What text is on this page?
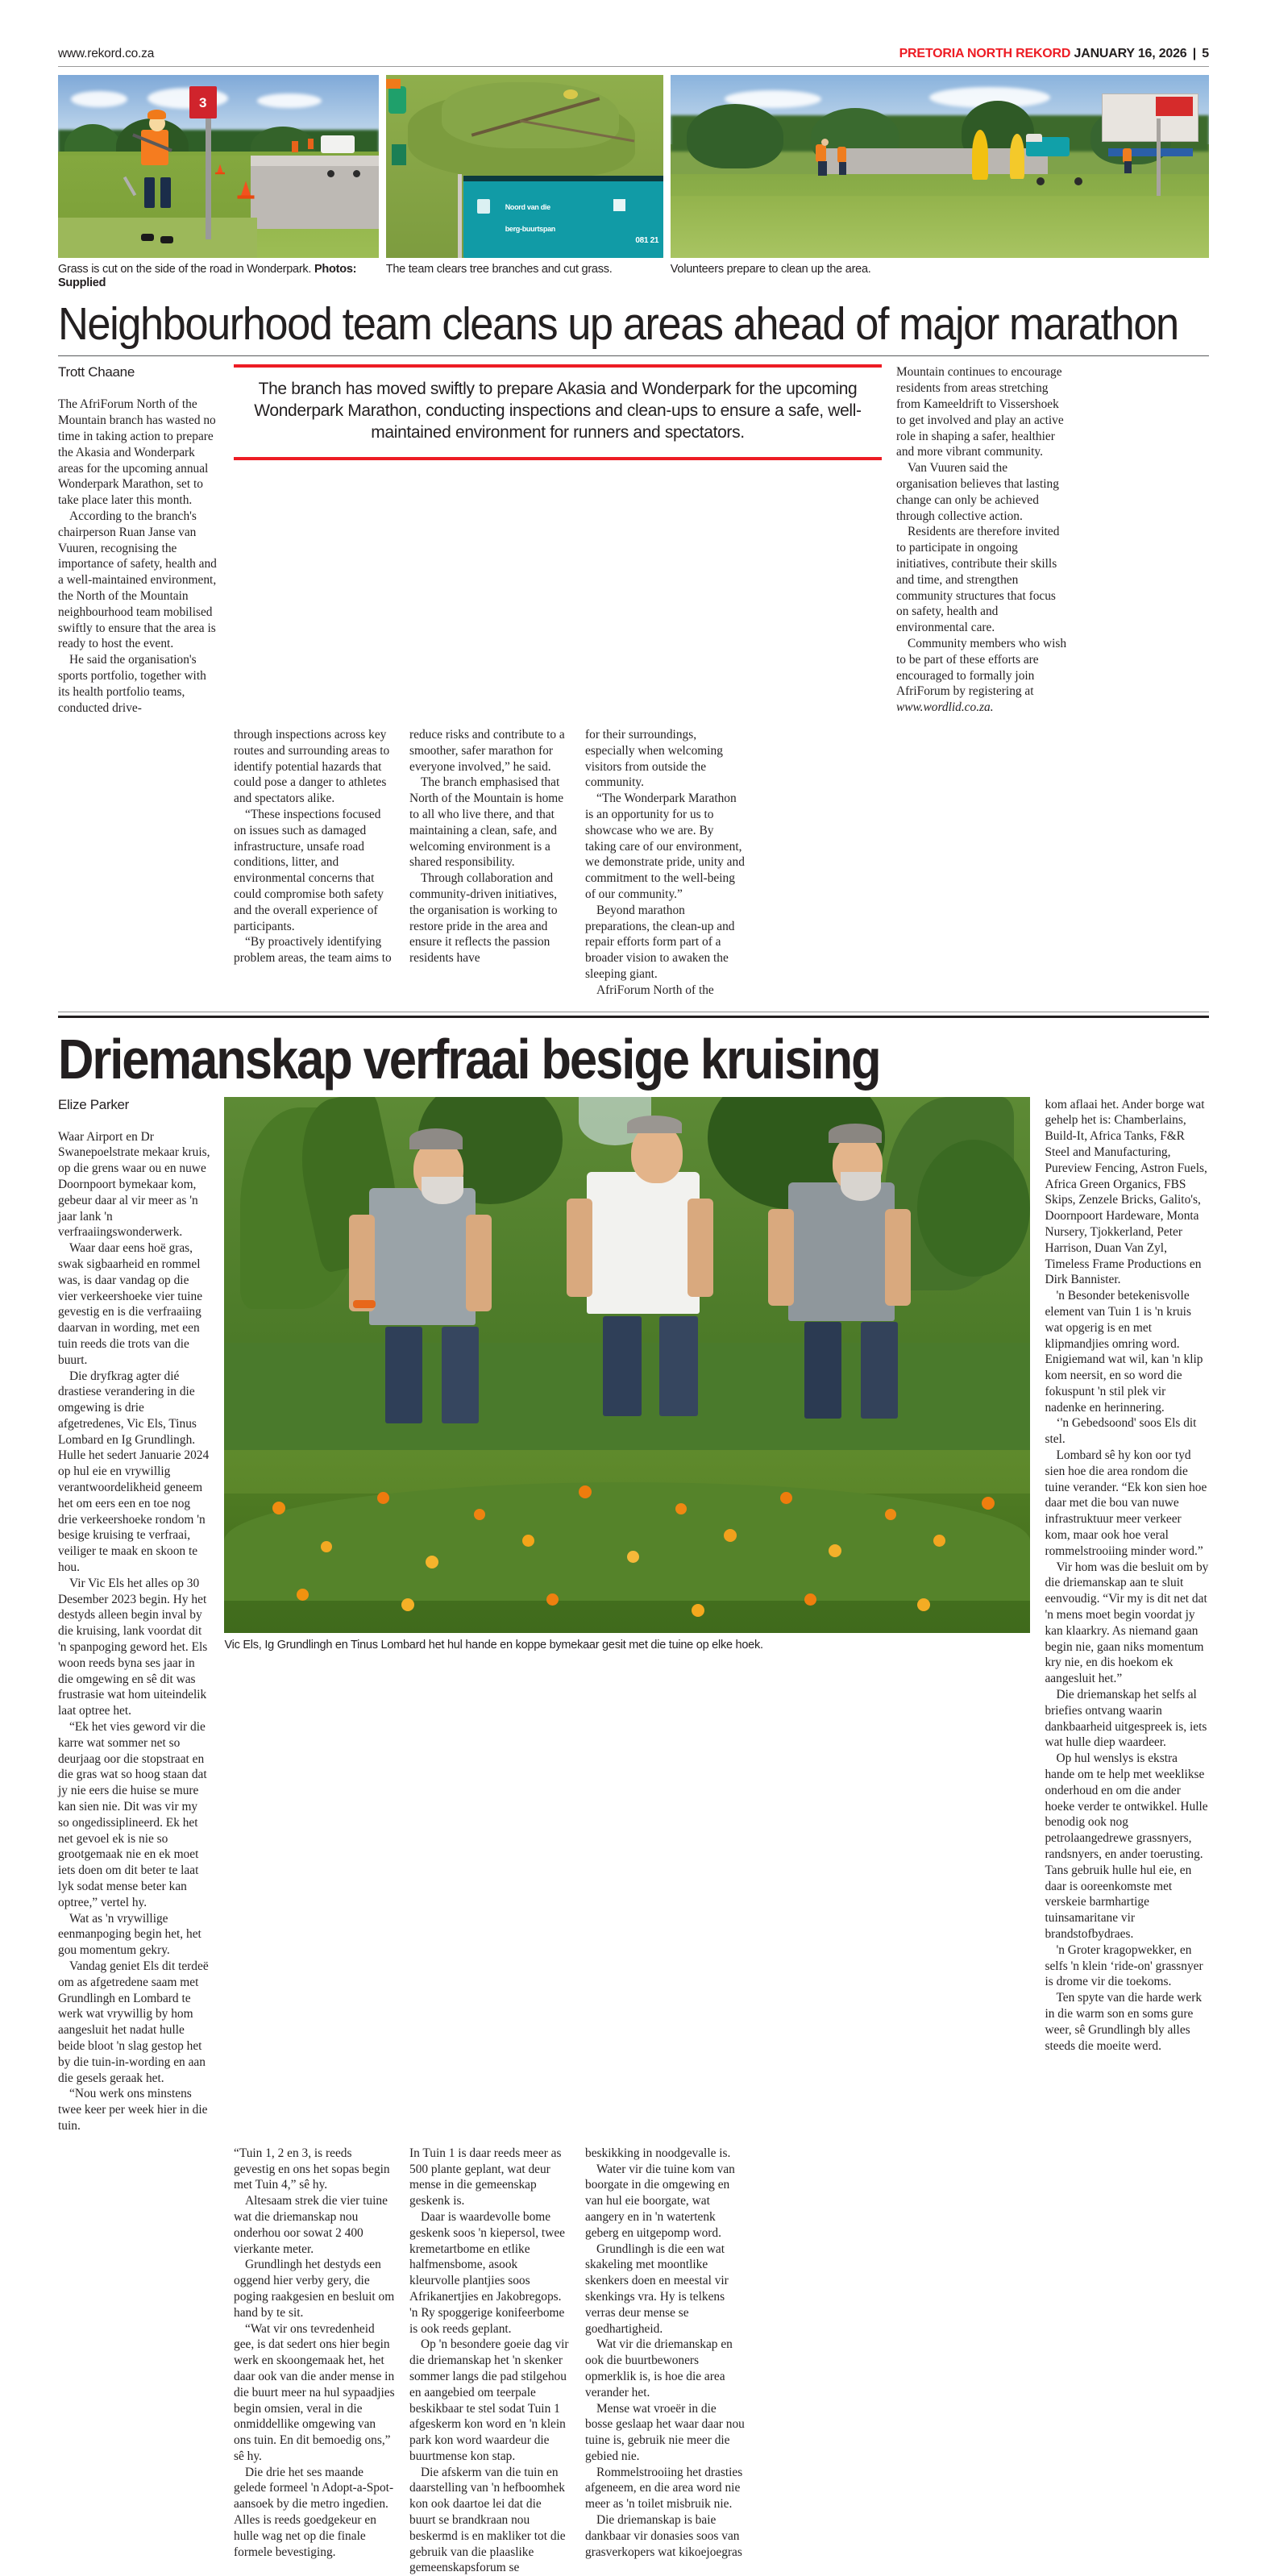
www.rekord.co.za	PRETORIA NORTH REKORD JANUARY 16, 2026 | 5
3
Grass is cut on the side of the road in Wonderpark. Photos: Supplied
Noord van die
berg-buurtspan
081 21
The team clears tree branches and cut grass.	Volunteers prepare to clean up the area.
Neighbourhood team cleans up areas ahead of major marathon
Trott Chaane

The AfriForum North of the Mountain branch has wasted no time in taking action to prepare the Akasia and Wonderpark areas for the upcoming annual Wonderpark Marathon, set to take place later this month.

According to the branch's chairperson Ruan Janse van Vuuren, recognising the importance of safety, health and a well-maintained environment, the North of the Mountain neighbourhood team mobilised swiftly to ensure that the area is ready to host the event.

He said the organisation's sports portfolio, together with its health portfolio teams, conducted drive-

The branch has moved swiftly to prepare Akasia and Wonderpark for the upcoming Wonderpark Marathon, conducting inspections and clean-ups to ensure a safe, well-maintained environment for runners and spectators.

Mountain continues to encourage residents from areas stretching from Kameeldrift to Vissershoek to get involved and play an active role in shaping a safer, healthier and more vibrant community.

Van Vuuren said the organisation believes that lasting change can only be achieved through collective action.

Residents are therefore invited to participate in ongoing initiatives, contribute their skills and time, and strengthen community structures that focus on safety, health and environmental care.

Community members who wish to be part of these efforts are encouraged to formally join AfriForum by registering at www.wordlid.co.za.

through inspections across key routes and surrounding areas to identify potential hazards that could pose a danger to athletes and spectators alike.

“These inspections focused on issues such as damaged infrastructure, unsafe road conditions, litter, and environmental concerns that could compromise both safety and the overall experience of participants.

“By proactively identifying problem areas, the team aims to

reduce risks and contribute to a smoother, safer marathon for everyone involved,” he said.

The branch emphasised that North of the Mountain is home to all who live there, and that maintaining a clean, safe, and welcoming environment is a shared responsibility.

Through collaboration and community-driven initiatives, the organisation is working to restore pride in the area and ensure it reflects the passion residents have

for their surroundings, especially when welcoming visitors from outside the community.

“The Wonderpark Marathon is an opportunity for us to showcase who we are. By taking care of our environment, we demonstrate pride, unity and commitment to the well-being of our community.”

Beyond marathon preparations, the clean-up and repair efforts form part of a broader vision to awaken the sleeping giant.

AfriForum North of the

Driemanskap verfraai besige kruising
Elize Parker

Waar Airport en Dr Swanepoelstrate mekaar kruis, op die grens waar ou en nuwe Doornpoort bymekaar kom, gebeur daar al vir meer as 'n jaar lank 'n verfraaiingswonderwerk.

Waar daar eens hoë gras, swak sigbaarheid en rommel was, is daar vandag op die vier verkeershoeke vier tuine gevestig en is die verfraaiing daarvan in wording, met een tuin reeds die trots van die buurt.

Die dryfkrag agter dié drastiese verandering in die omgewing is drie afgetredenes, Vic Els, Tinus Lombard en Ig Grundlingh. Hulle het sedert Januarie 2024 op hul eie en vrywillig verantwoordelikheid geneem het om eers een en toe nog drie verkeershoeke rondom 'n besige kruising te verfraai, veiliger te maak en skoon te hou.

Vir Vic Els het alles op 30 Desember 2023 begin. Hy het destyds alleen begin inval by die kruising, lank voordat dit 'n spanpoging geword het. Els woon reeds byna ses jaar in die omgewing en sê dit was frustrasie wat hom uiteindelik laat optree het.

“Ek het vies geword vir die karre wat sommer net so deurjaag oor die stopstraat en die gras wat so hoog staan dat jy nie eers die huise se mure kan sien nie. Dit was vir my so ongedissiplineerd. Ek het net gevoel ek is nie so grootgemaak nie en ek moet iets doen om dit beter te laat lyk sodat mense beter kan optree,” vertel hy.

Wat as 'n vrywillige eenmanpoging begin het, het gou momentum gekry.

Vandag geniet Els dit terdeë om as afgetredene saam met Grundlingh en Lombard te werk wat vrywillig by hom aangesluit het nadat hulle beide bloot 'n slag gestop het by die tuin-in-wording en aan die gesels geraak het.

“Nou werk ons minstens twee keer per week hier in die tuin.

Vic Els, Ig Grundlingh en Tinus Lombard het hul hande en koppe bymekaar gesit met die tuine op elke hoek.

kom aflaai het. Ander borge wat gehelp het is: Chamberlains, Build-It, Africa Tanks, F&R Steel and Manufacturing, Pureview Fencing, Astron Fuels, Africa Green Organics, FBS Skips, Zenzele Bricks, Galito's, Doornpoort Hardeware, Monta Nursery, Tjokkerland, Peter Harrison, Duan Van Zyl, Timeless Frame Productions en Dirk Bannister.

'n Besonder betekenisvolle element van Tuin 1 is 'n kruis wat opgerig is en met klipmandjies omring word. Enigiemand wat wil, kan 'n klip kom neersit, en so word die fokuspunt 'n stil plek vir nadenke en herinnering.

‘'n Gebedsoond' soos Els dit stel.

Lombard sê hy kon oor tyd sien hoe die area rondom die tuine verander. “Ek kon sien hoe daar met die bou van nuwe infrastruktuur meer verkeer kom, maar ook hoe veral rommelstrooiing minder word.”

Vir hom was die besluit om by die driemanskap aan te sluit eenvoudig. “Vir my is dit net dat 'n mens moet begin voordat jy kan klaarkry. As niemand gaan begin nie, gaan niks momentum kry nie, en dis hoekom ek aangesluit het.”

Die driemanskap het selfs al briefies ontvang waarin dankbaarheid uitgespreek is, iets wat hulle diep waardeer.

Op hul wenslys is ekstra hande om te help met weeklikse onderhoud en om die ander hoeke verder te ontwikkel. Hulle benodig ook nog petrolaangedrewe grassnyers, randsnyers, en ander toerusting. Tans gebruik hulle hul eie, en daar is ooreenkomste met verskeie barmhartige tuinsamaritane vir brandstofbydraes.

'n Groter kragopwekker, en selfs 'n klein ‘ride-on' grassnyer is drome vir die toekoms.

Ten spyte van die harde werk in die warm son en soms gure weer, sê Grundlingh bly alles steeds die moeite werd.

“Tuin 1, 2 en 3, is reeds gevestig en ons het sopas begin met Tuin 4,” sê hy.

Altesaam strek die vier tuine wat die driemanskap nou onderhou oor sowat 2 400 vierkante meter.

Grundlingh het destyds een oggend hier verby gery, die poging raakgesien en besluit om hand by te sit.

“Wat vir ons tevredenheid gee, is dat sedert ons hier begin werk en skoongemaak het, het daar ook van die ander mense in die buurt meer na hul sypaadjies begin omsien, veral in die onmiddellike omgewing van ons tuin. En dit bemoedig ons,” sê hy.

Die drie het ses maande gelede formeel 'n Adopt-a-Spot-aansoek by die metro ingedien. Alles is reeds goedgekeur en hulle wag net op die finale formele bevestiging.

In Tuin 1 is daar reeds meer as 500 plante geplant, wat deur mense in die gemeenskap geskenk is.

Daar is waardevolle bome geskenk soos 'n kiepersol, twee kremetartbome en etlike halfmensbome, asook kleurvolle plantjies soos Afrikanertjies en Jakobregops. 'n Ry spoggerige konifeerbome is ook reeds geplant.

Op 'n besondere goeie dag vir die driemanskap het 'n skenker sommer langs die pad stilgehou en aangebied om teerpale beskikbaar te stel sodat Tuin 1 afgeskerm kon word en 'n klein park kon word waardeur die buurtmense kon stap.

Die afskerm van die tuin en daarstelling van 'n hefboomhek kon ook daartoe lei dat die buurt se brandkraan nou beskermd is en makliker tot die gebruik van die plaaslike gemeenskapsforum se

beskikking in noodgevalle is.

Water vir die tuine kom van boorgate in die omgewing en van hul eie boorgate, wat aangery en in 'n watertenk geberg en uitgepomp word.

Grundlingh is die een wat skakeling met moontlike skenkers doen en meestal vir skenkings vra. Hy is telkens verras deur mense se goedhartigheid.

Wat vir die driemanskap en ook die buurtbewoners opmerklik is, is hoe die area verander het.

Mense wat vroeër in die bosse geslaap het waar daar nou tuine is, gebruik nie meer die gebied nie.

Rommelstrooiing het drasties afgeneem, en die area word nie meer as 'n toilet misbruik nie.

Die driemanskap is baie dankbaar vir donasies soos van grasverkopers wat kikoejoegras
